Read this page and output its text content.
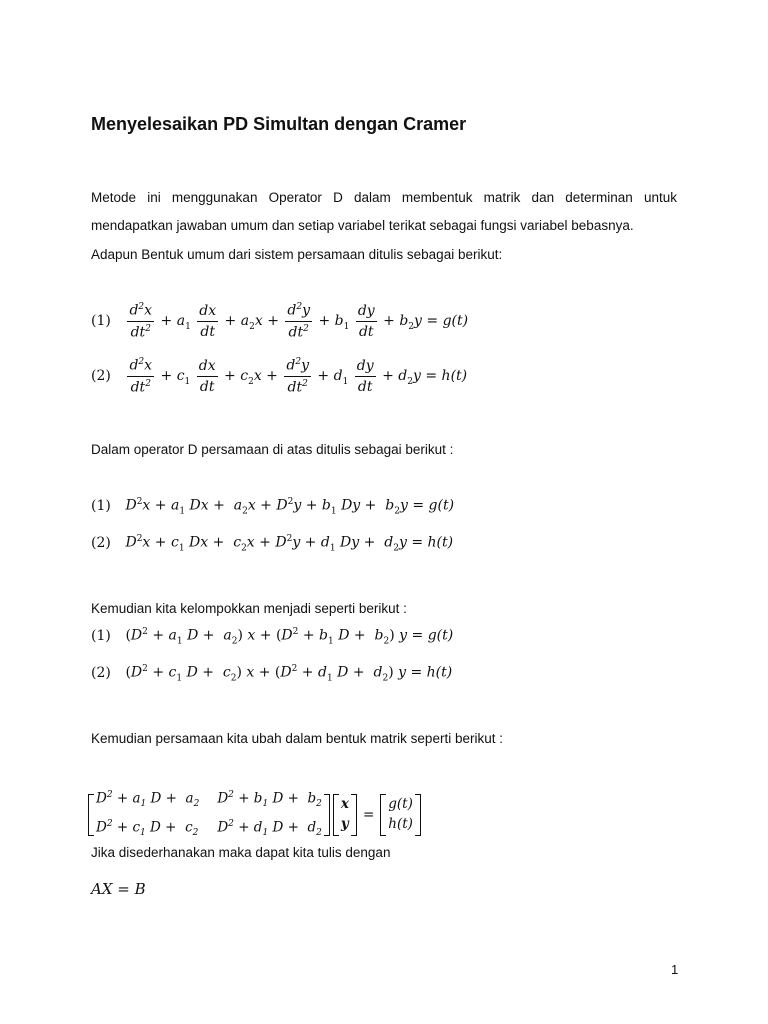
Menyelesaikan PD Simultan dengan Cramer
Metode ini menggunakan Operator D dalam membentuk matrik dan determinan untuk
mendapatkan jawaban umum dan setiap variabel terikat sebagai fungsi variabel bebasnya.
Adapun Bentuk umum dari sistem persamaan ditulis sebagai berikut:
$(1) \frac{d^2x}{dt^2} + a_1 \frac{dx}{dt} + a_2x + \frac{d^2y}{dt^2} + b_1 \frac{dy}{dt} + b_2y = g(t)$
$(2) \frac{d^2x}{dt^2} + c_1 \frac{dx}{dt} + c_2x + \frac{d^2y}{dt^2} + d_1 \frac{dy}{dt} + d_2y = h(t)$
Dalam operator D persamaan di atas ditulis sebagai berikut :
(1) $D^2x + a_1$ $Dx + a_2x + D^2y + b_1$ $Dy + b_2y = g(t)$
(2) $D^2x + c_1$ $Dx + c_2x + D^2y + d_1$ $Dy + d_2y = h(t)$
Kemudian kita kelompokkan menjadi seperti berikut :
(1) ($D^2 + a_1$ $D + a_2$) $x + (D^2 + b_1$ $D + b_2$) y = g(t)
(2) ($D^2 + c_1$ $D + c_2$) $x + (D^2 + d_1$ $D + d_2$) y = h(t)
Kemudian persamaan kita ubah dalam bentuk matrik seperti berikut :
$D^2 + a_1$ $D + a_2$ $D^2 + b_1$ $D + b_2$
$D^2 + c_1$ $D + c_2$ $D^2 + d_1$ $D + d_2$
x
y
=
g(t)
h(t)
Jika disederhanakan maka dapat kita tulis dengan
AX = B
1
